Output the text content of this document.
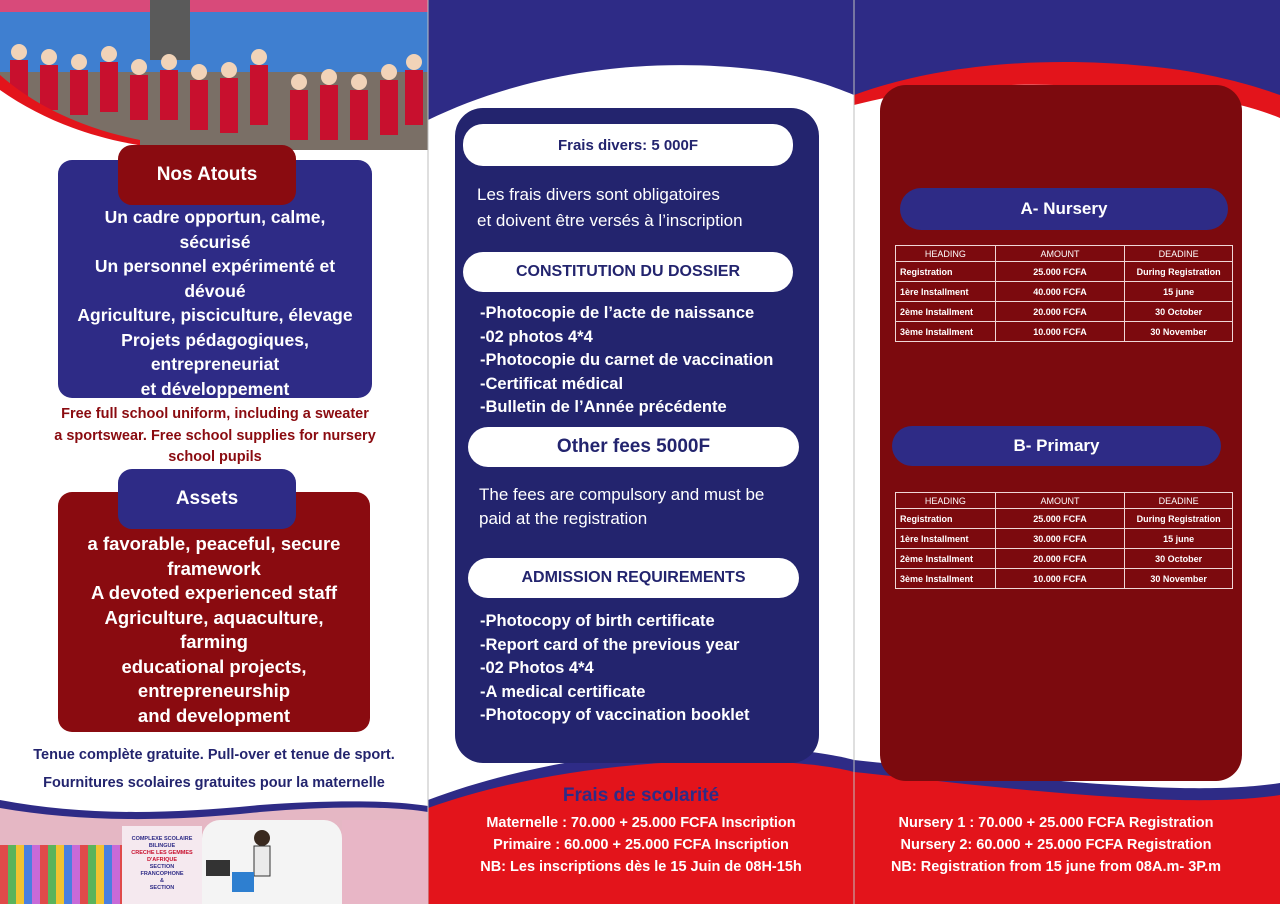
Nos Atouts
Un cadre opportun, calme,
sécurisé
Un personnel expérimenté et
dévoué
Agriculture, pisciculture, élevage
Projets pédagogiques,
entrepreneuriat
et développement
Free full school uniform, including a sweater
a sportswear. Free school supplies for nursery
school pupils
Assets
a favorable, peaceful, secure
framework
A devoted experienced staff
Agriculture, aquaculture,
farming
educational projects,
entrepreneurship
and development
Tenue complète gratuite. Pull-over et tenue de sport.
Fournitures scolaires gratuites pour la maternelle
COMPLEXE SCOLAIRE BILINGUE
CRECHE LES GEMMES D'AFRIQUE
SECTION
FRANCOPHONE
&
SECTION
Frais divers: 5 000F
Les frais divers sont obligatoires
et doivent être versés à l’inscription
CONSTITUTION DU DOSSIER
-Photocopie de l’acte de naissance
-02 photos 4*4
-Photocopie du carnet de vaccination
-Certificat médical
-Bulletin de l’Année précédente
Other fees 5000F
The fees are compulsory and must be
paid at the registration
ADMISSION REQUIREMENTS
-Photocopy of birth certificate
-Report card of the previous year
-02 Photos 4*4
-A medical certificate
-Photocopy of vaccination booklet
Frais de scolarité
Maternelle : 70.000 + 25.000 FCFA Inscription
Primaire : 60.000 + 25.000 FCFA Inscription
NB: Les inscriptions dès le 15 Juin de 08H-15h
A- Nursery
HEADING	AMOUNT	DEADINE
Registration	25.000 FCFA	During Registration
1ère Installment	40.000 FCFA	15 june
2ème Installment	20.000 FCFA	30 October
3ème Installment	10.000 FCFA	30 November
B- Primary
HEADING	AMOUNT	DEADINE
Registration	25.000 FCFA	During Registration
1ère Installment	30.000 FCFA	15 june
2ème Installment	20.000 FCFA	30 October
3ème Installment	10.000 FCFA	30 November
Nursery 1 : 70.000 + 25.000 FCFA Registration
Nursery 2: 60.000 + 25.000 FCFA Registration
NB: Registration from 15 june from 08A.m- 3P.m
